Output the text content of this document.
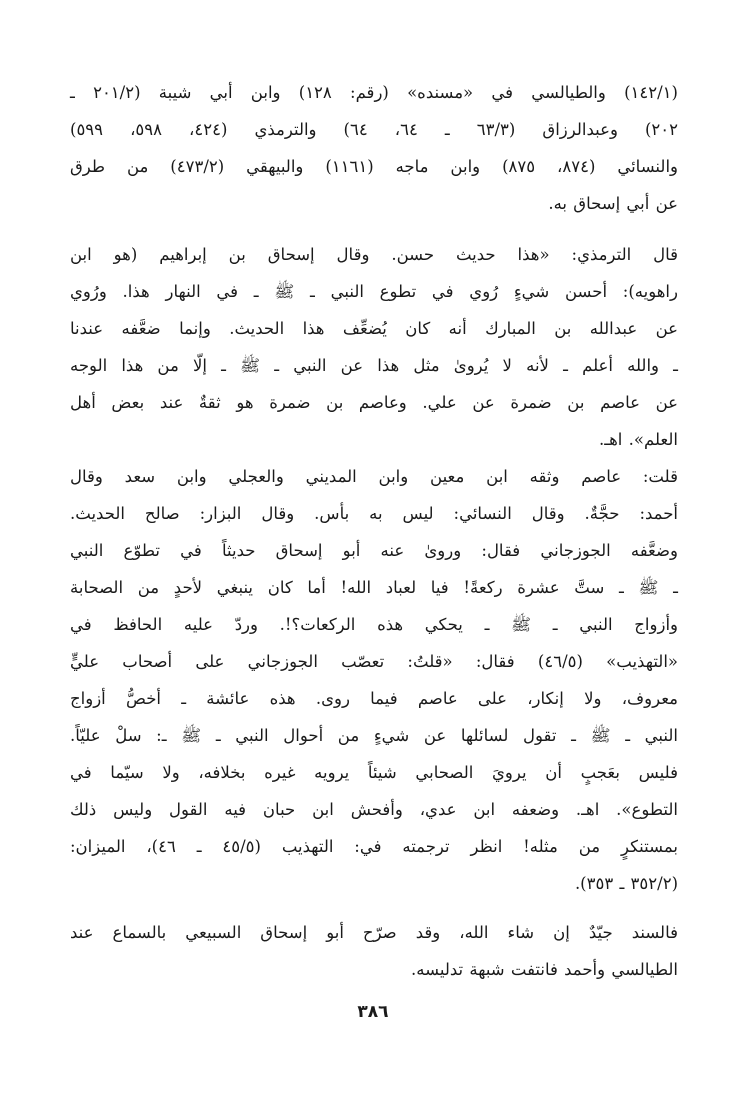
(١٤٢/١) والطيالسي في «مسنده» (رقم: ١٢٨) وابن أبي شيبة (٢٠١/٢ ـ
٢٠٢) وعبدالرزاق (٦٣/٣ ـ ٦٤، ٦٤) والترمذي (٤٢٤، ٥٩٨، ٥٩٩)
والنسائي (٨٧٤، ٨٧٥) وابن ماجه (١١٦١) والبيهقي (٤٧٣/٢) من طرق
عن أبي إسحاق به.

قال الترمذي: «هذا حديث حسن. وقال إسحاق بن إبراهيم (هو ابن
راهويه): أحسن شيءٍ رُوي في تطوع النبي ـ ﷺ ـ في النهار هذا. ورُوي
عن عبدالله بن المبارك أنه كان يُضعِّف هذا الحديث. وإنما ضعَّفه عندنا
ـ والله أعلم ـ لأنه لا يُروىٰ مثل هذا عن النبي ـ ﷺ ـ إلّا من هذا الوجه
عن عاصم بن ضمرة عن علي. وعاصم بن ضمرة هو ثقةٌ عند بعض أهل
العلم». اهـ.

قلت: عاصم وثقه ابن معين وابن المديني والعجلي وابن سعد وقال
أحمد: حجَّةٌ. وقال النسائي: ليس به بأس. وقال البزار: صالح الحديث.
وضعَّفه الجوزجاني فقال: وروىٰ عنه أبو إسحاق حديثاً في تطوّع النبي
ـ ﷺ ـ ستَّ عشرة ركعةً! فيا لعباد الله! أما كان ينبغي لأحدٍ من الصحابة
وأزواج النبي ـ ﷺ ـ يحكي هذه الركعات؟!. وردّ عليه الحافظ في
«التهذيب» (٤٦/٥) فقال: «قلتُ: تعصّب الجوزجاني على أصحاب عليٍّ
معروف، ولا إنكار، على عاصم فيما روى. هذه عائشة ـ أخصُّ أزواج
النبي ـ ﷺ ـ تقول لسائلها عن شيءٍ من أحوال النبي ـ ﷺ ـ: سلْ عليّاً.
فليس بعَجبٍ أن يرويَ الصحابي شيئاً يرويه غيره بخلافه، ولا سيّما في
التطوع». اهـ. وضعفه ابن عدي، وأفحش ابن حبان فيه القول وليس ذلك
بمستنكرٍ من مثله! انظر ترجمته في: التهذيب (٤٥/٥ ـ ٤٦)، الميزان:
(٣٥٢/٢ ـ ٣٥٣).

فالسند جيّدٌ إن شاء الله، وقد صرّح أبو إسحاق السبيعي بالسماع عند
الطيالسي وأحمد فانتفت شبهة تدليسه.

٣٨٦
